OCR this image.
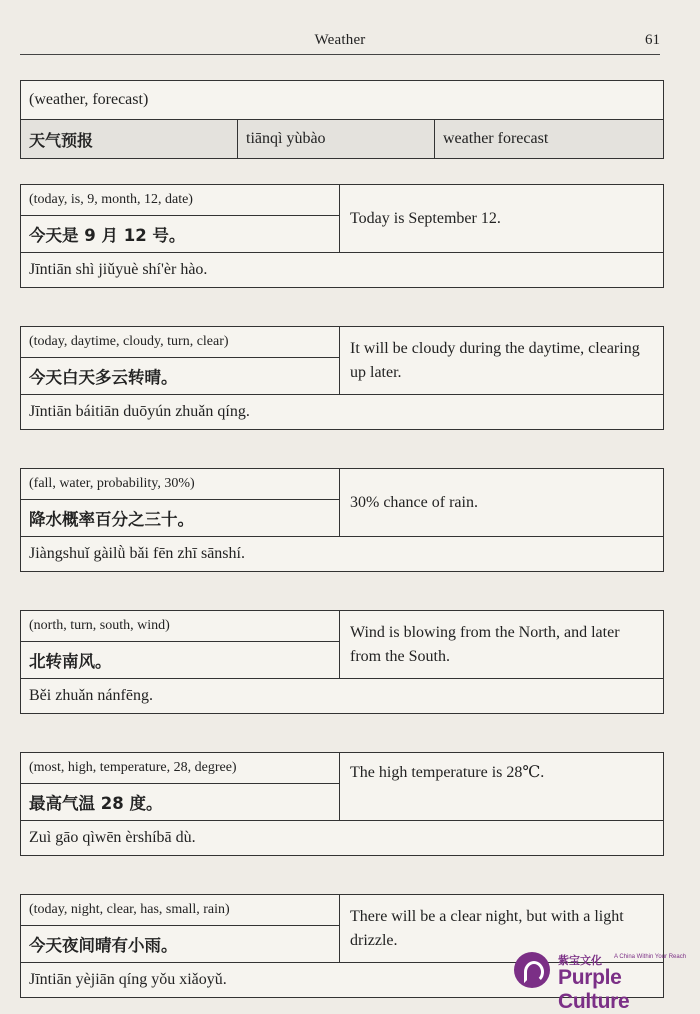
Weather	61
(weather, forecast)
天气预报	tiānqì yùbào	weather forecast
(today, is, 9, month, 12, date)	Today is September 12.
今天是 9 月 12 号。
Jīntiān shì jiǔyuè shí'èr hào.
(today, daytime, cloudy, turn, clear)	It will be cloudy during the daytime, clearing up later.
今天白天多云转晴。
Jīntiān báitiān duōyún zhuǎn qíng.
(fall, water, probability, 30%)	30% chance of rain.
降水概率百分之三十。
Jiàngshuǐ gàilǜ bǎi fēn zhī sānshí.
(north, turn, south, wind)	Wind is blowing from the North, and later from the South.
北转南风。
Běi zhuǎn nánfēng.
(most, high, temperature, 28, degree)	The high temperature is 28℃.
最高气温 28 度。
Zuì gāo qìwēn èrshíbā dù.
(today, night, clear, has, small, rain)	There will be a clear night, but with a light drizzle.
今天夜间晴有小雨。
Jīntiān yèjiān qíng yǒu xiǎoyǔ.
紫宝文化 A China Within Your Reach
Purple Culture
